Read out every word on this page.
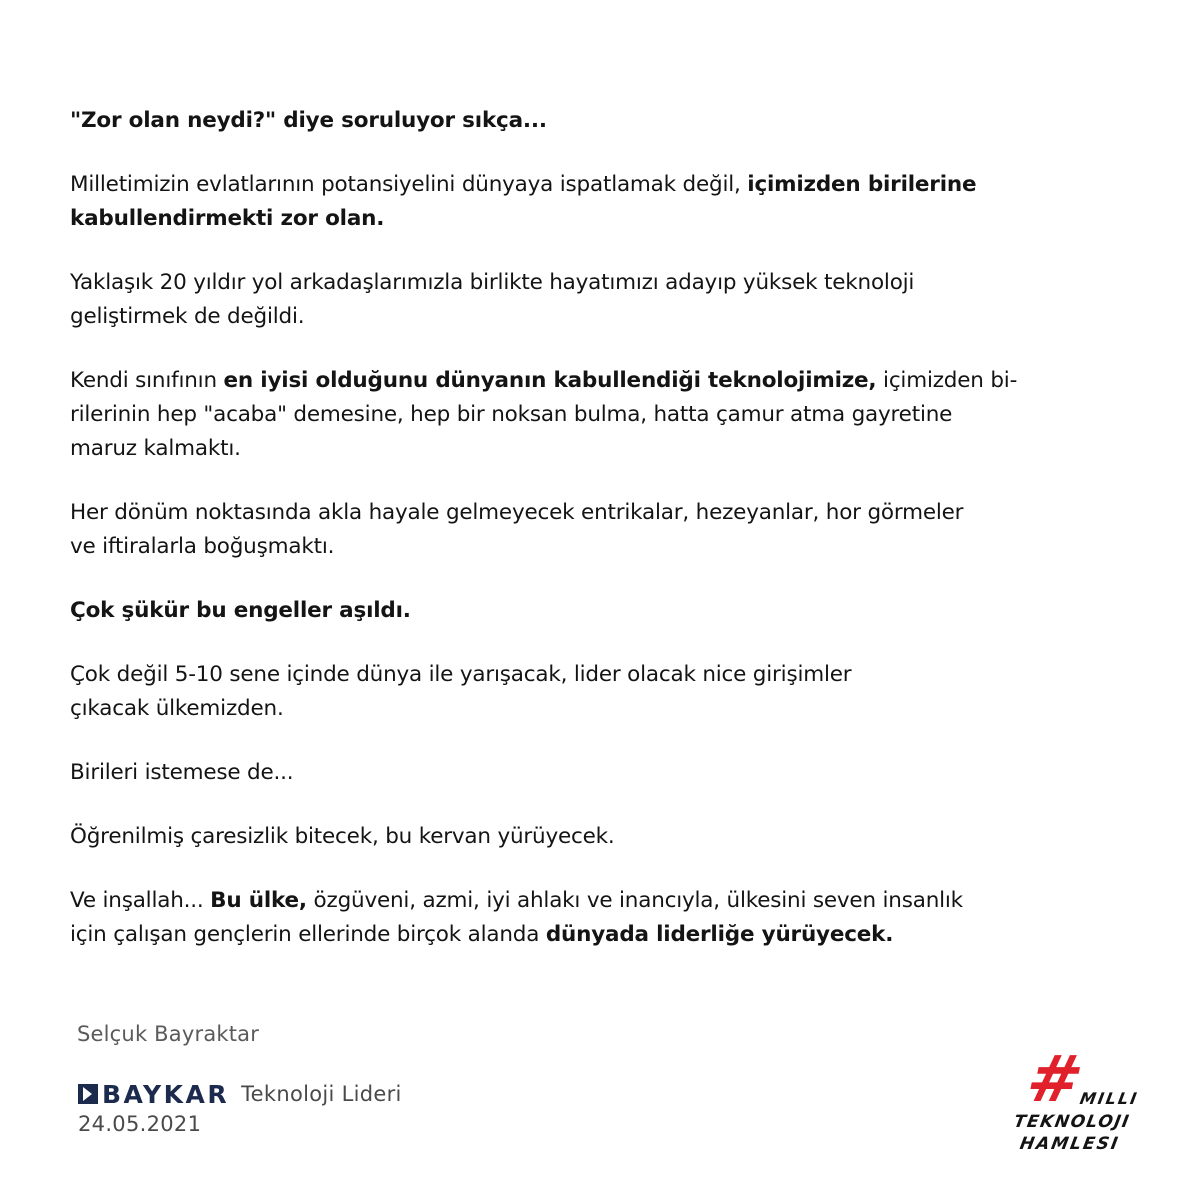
"Zor olan neydi?" diye soruluyor sıkça...

Milletimizin evlatlarının potansiyelini dünyaya ispatlamak değil, içimizden birilerine
kabullendirmekti zor olan.

Yaklaşık 20 yıldır yol arkadaşlarımızla birlikte hayatımızı adayıp yüksek teknoloji
geliştirmek de değildi.

Kendi sınıfının en iyisi olduğunu dünyanın kabullendiği teknolojimize, içimizden bi-
rilerinin hep "acaba" demesine, hep bir noksan bulma, hatta çamur atma gayretine
maruz kalmaktı.

Her dönüm noktasında akla hayale gelmeyecek entrikalar, hezeyanlar, hor görmeler
ve iftiralarla boğuşmaktı.

Çok şükür bu engeller aşıldı.

Çok değil 5-10 sene içinde dünya ile yarışacak, lider olacak nice girişimler
çıkacak ülkemizden.

Birileri istemese de...

Öğrenilmiş çaresizlik bitecek, bu kervan yürüyecek.

Ve inşallah... Bu ülke, özgüveni, azmi, iyi ahlakı ve inancıyla, ülkesini seven insanlık
için çalışan gençlerin ellerinde birçok alanda dünyada liderliğe yürüyecek.

Selçuk Bayraktar
BAYKAR Teknoloji Lideri
24.05.2021
#
MILLI
TEKNOLOJI
HAMLESI
